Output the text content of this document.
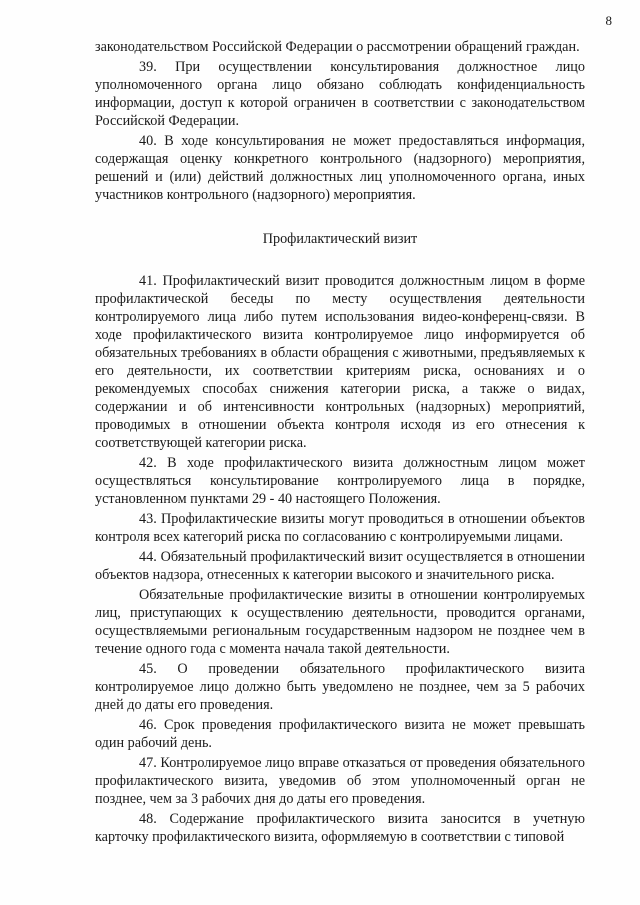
8

законодательством Российской Федерации о рассмотрении обращений граждан.

39. При осуществлении консультирования должностное лицо уполномоченного органа лицо обязано соблюдать конфиденциальность информации, доступ к которой ограничен в соответствии с законодательством Российской Федерации.

40. В ходе консультирования не может предоставляться информация, содержащая оценку конкретного контрольного (надзорного) мероприятия, решений и (или) действий должностных лиц уполномоченного органа, иных участников контрольного (надзорного) мероприятия.

Профилактический визит

41. Профилактический визит проводится должностным лицом в форме профилактической беседы по месту осуществления деятельности контролируемого лица либо путем использования видео-конференц-связи. В ходе профилактического визита контролируемое лицо информируется об обязательных требованиях в области обращения с животными, предъявляемых к его деятельности, их соответствии критериям риска, основаниях и о рекомендуемых способах снижения категории риска, а также о видах, содержании и об интенсивности контрольных (надзорных) мероприятий, проводимых в отношении объекта контроля исходя из его отнесения к соответствующей категории риска.

42. В ходе профилактического визита должностным лицом может осуществляться консультирование контролируемого лица в порядке, установленном пунктами 29 - 40 настоящего Положения.

43. Профилактические визиты могут проводиться в отношении объектов контроля всех категорий риска по согласованию с контролируемыми лицами.

44. Обязательный профилактический визит осуществляется в отношении объектов надзора, отнесенных к категории высокого и значительного риска.

Обязательные профилактические визиты в отношении контролируемых лиц, приступающих к осуществлению деятельности, проводится органами, осуществляемыми региональным государственным надзором не позднее чем в течение одного года с момента начала такой деятельности.

45. О проведении обязательного профилактического визита контролируемое лицо должно быть уведомлено не позднее, чем за 5 рабочих дней до даты его проведения.

46. Срок проведения профилактического визита не может превышать один рабочий день.

47. Контролируемое лицо вправе отказаться от проведения обязательного профилактического визита, уведомив об этом уполномоченный орган не позднее, чем за 3 рабочих дня до даты его проведения.

48. Содержание профилактического визита заносится в учетную карточку профилактического визита, оформляемую в соответствии с типовой
